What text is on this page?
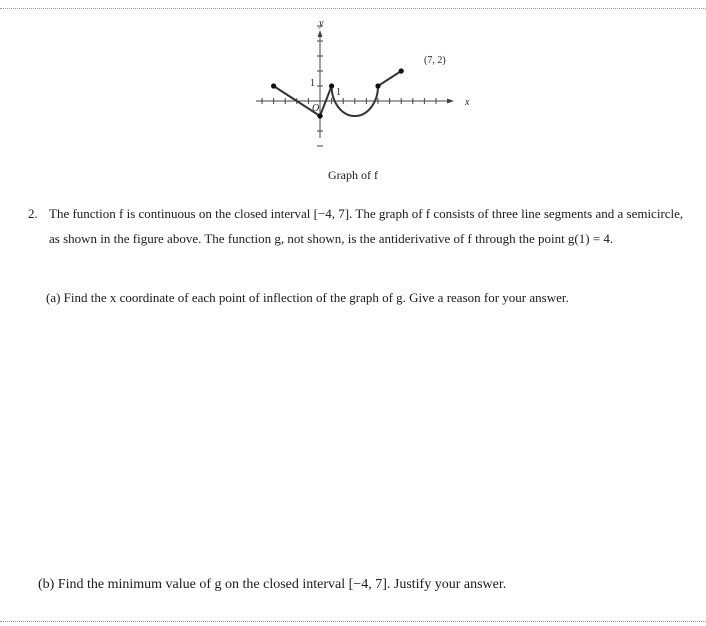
y
x
O
1
1
(7, 2)
Graph of f
2. The function f is continuous on the closed interval [−4, 7]. The graph of f consists of three line segments and a semicircle, as shown in the figure above. The function g, not shown, is the antiderivative of f through the point g(1) = 4.
(a) Find the x coordinate of each point of inflection of the graph of g. Give a reason for your answer.
(b) Find the minimum value of g on the closed interval [−4, 7]. Justify your answer.
